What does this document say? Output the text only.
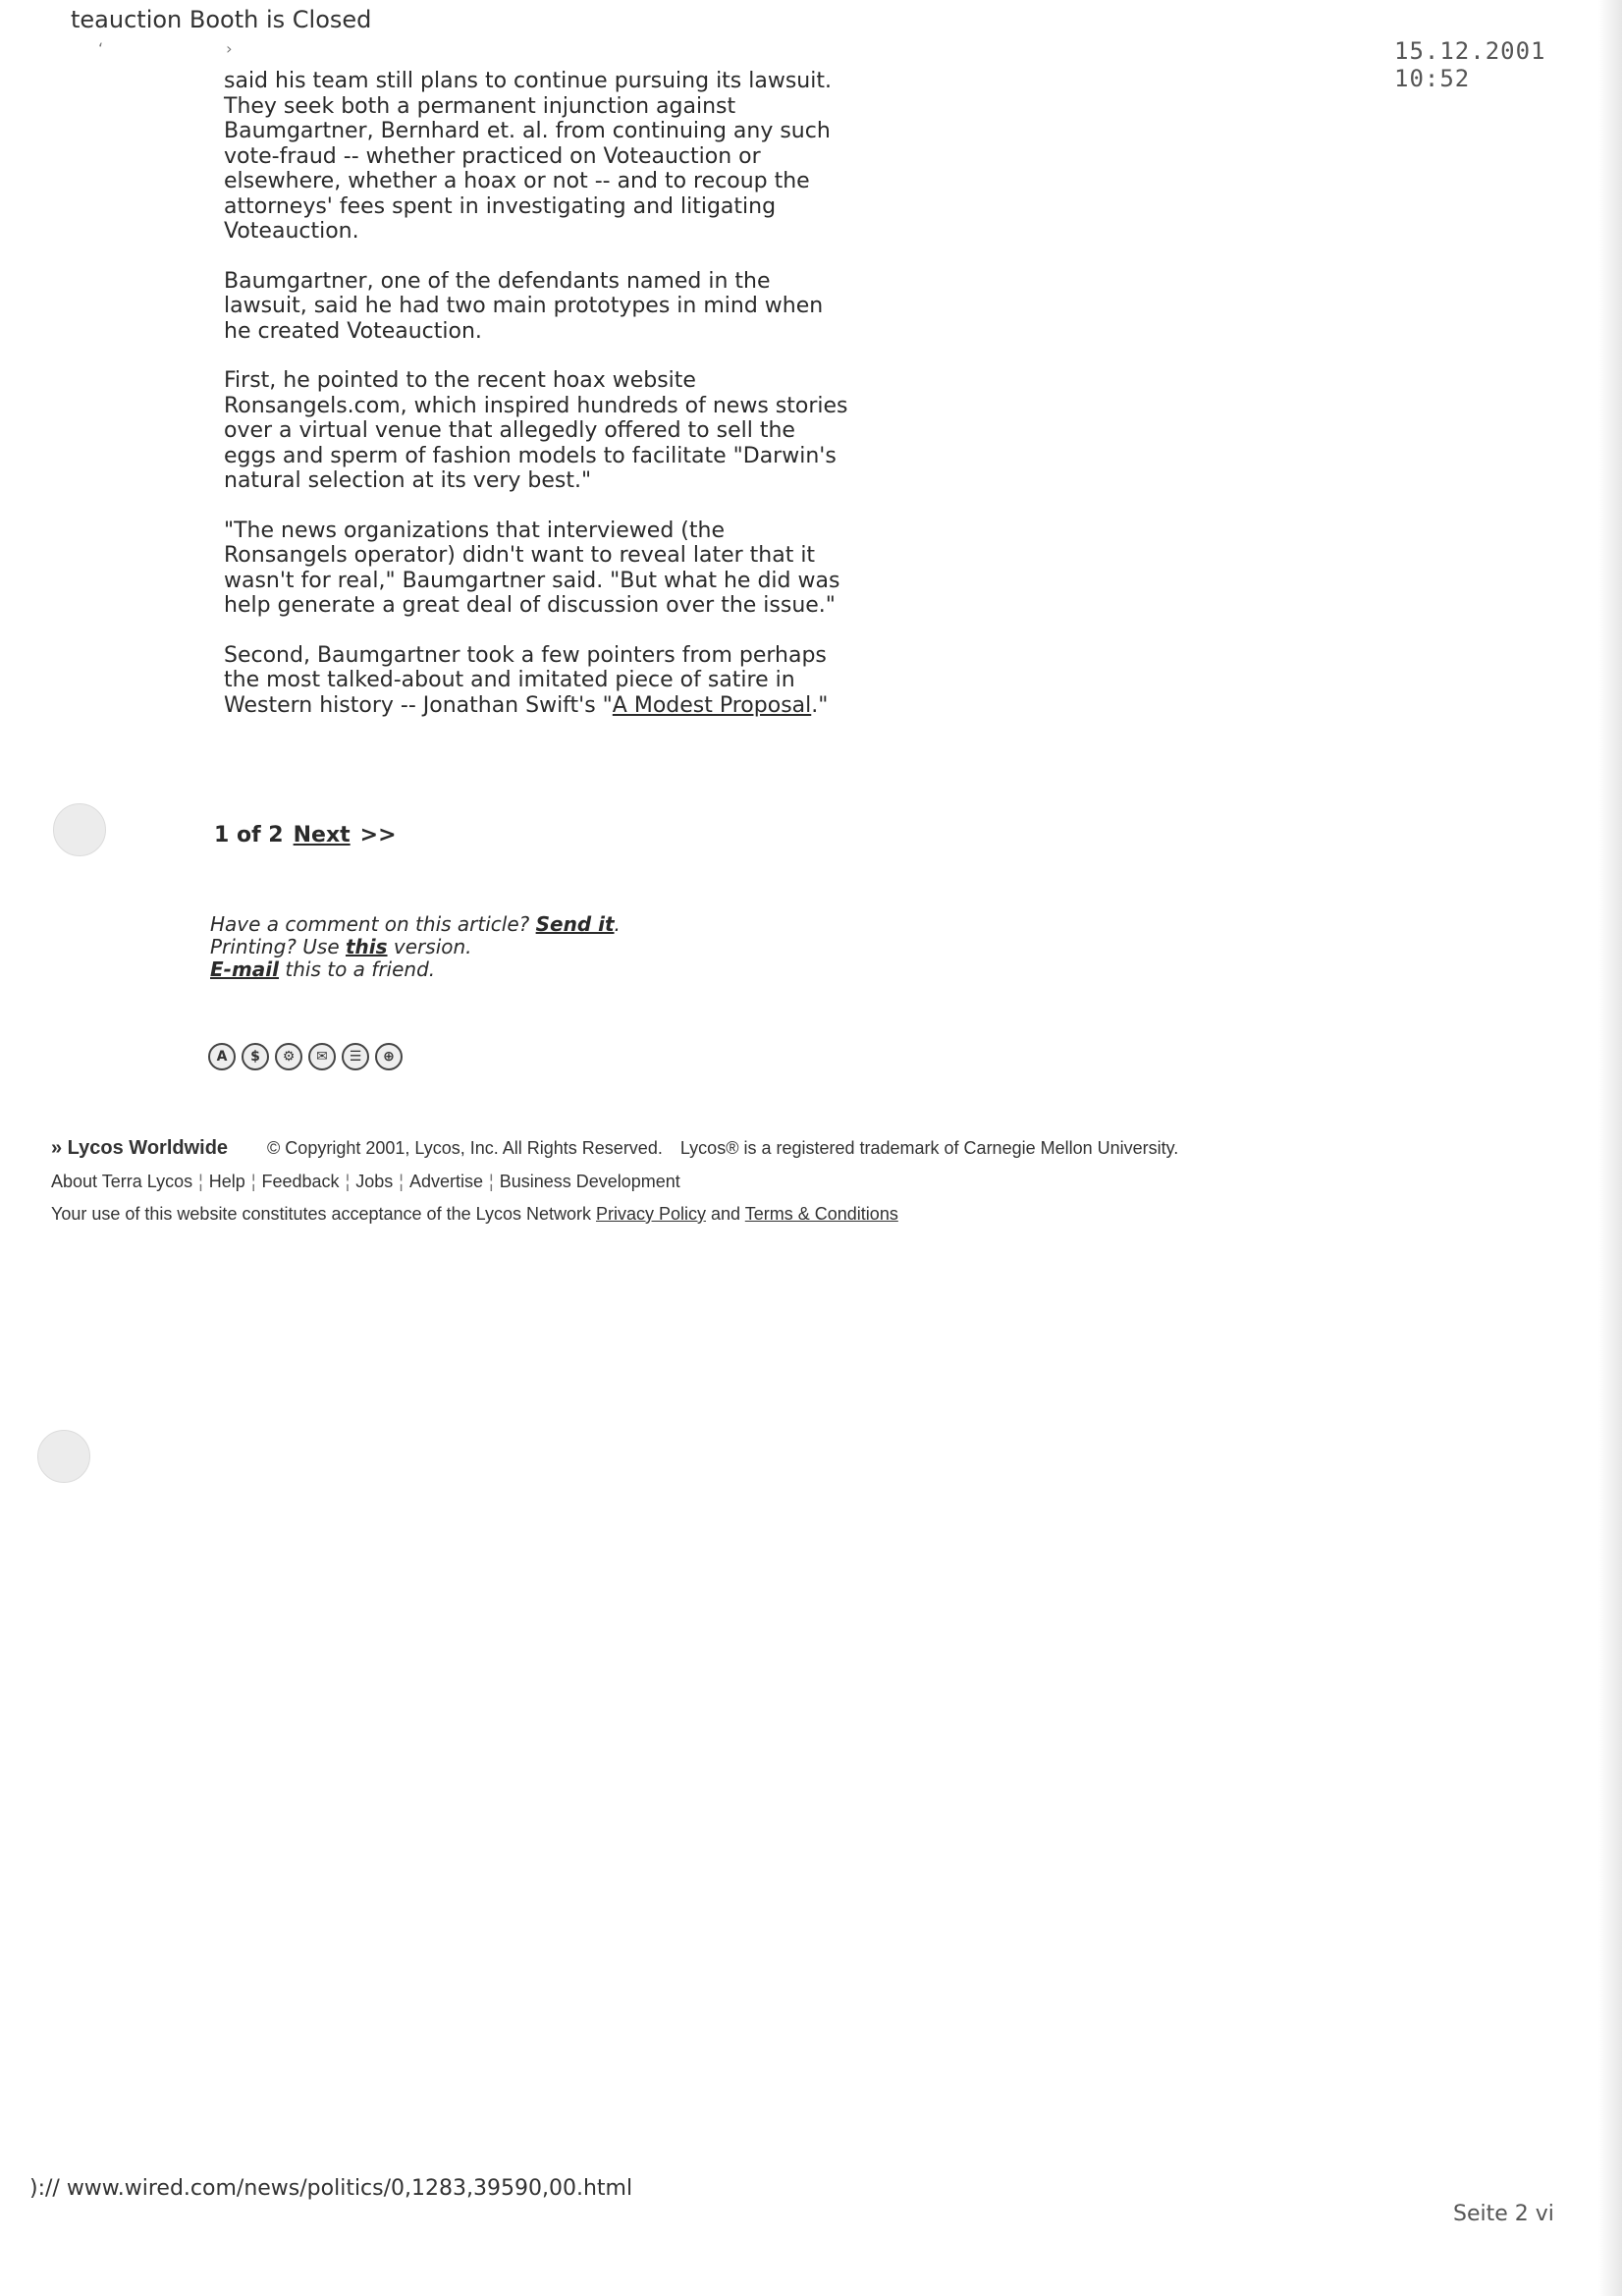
teauction Booth is Closed
‘ ›	15.12.2001 10:52

said his team still plans to continue pursuing its lawsuit. They seek both a permanent injunction against Baumgartner, Bernhard et. al. from continuing any such vote-fraud -- whether practiced on Voteauction or elsewhere, whether a hoax or not -- and to recoup the attorneys' fees spent in investigating and litigating Voteauction.

Baumgartner, one of the defendants named in the lawsuit, said he had two main prototypes in mind when he created Voteauction.

First, he pointed to the recent hoax website Ronsangels.com, which inspired hundreds of news stories over a virtual venue that allegedly offered to sell the eggs and sperm of fashion models to facilitate "Darwin's natural selection at its very best."

"The news organizations that interviewed (the Ronsangels operator) didn't want to reveal later that it wasn't for real," Baumgartner said. "But what he did was help generate a great deal of discussion over the issue."

Second, Baumgartner took a few pointers from perhaps the most talked-about and imitated piece of satire in Western history -- Jonathan Swift's "A Modest Proposal."

1 of 2 Next >>
Have a comment on this article? Send it.
Printing? Use this version.
E-mail this to a friend.
A	$	⚙	✉	☰	⊕
» Lycos Worldwide © Copyright 2001, Lycos, Inc. All Rights Reserved. Lycos® is a registered trademark of Carnegie Mellon University.
About Terra Lycos ¦ Help ¦ Feedback ¦ Jobs ¦ Advertise ¦ Business Development
Your use of this website constitutes acceptance of the Lycos Network Privacy Policy and Terms & Conditions
):// www.wired.com/news/politics/0,1283,39590,00.html
Seite 2 vi
